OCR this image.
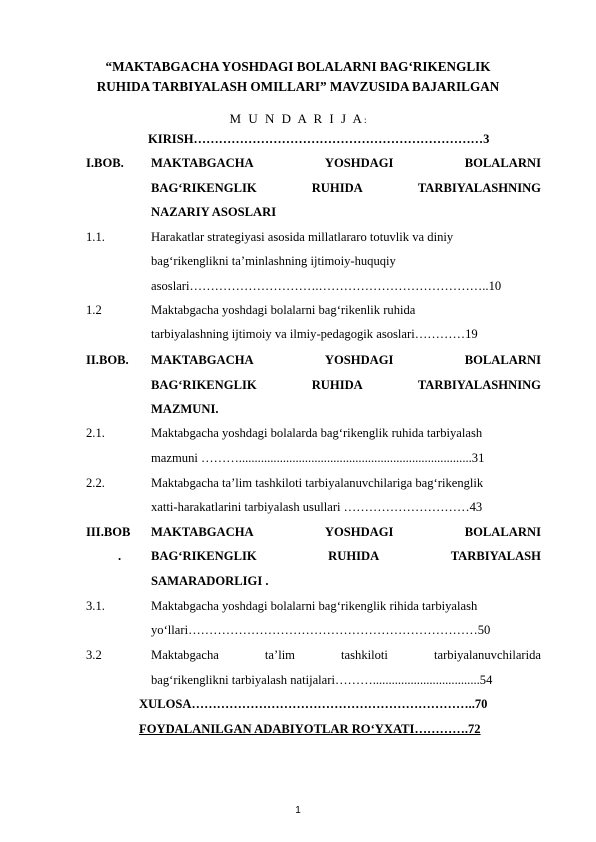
“MAKTABGACHA YOSHDAGI BOLALARNI BAG‘RIKENGLIK
RUHIDA TARBIYALASH OMILLARI” MAVZUSIDA BAJARILGAN
M U N D A R I J A:
KIRISH……………………………………………………………3
I.BOB. MAKTABGACHA	YOSHDAGI	BOLALARNI
BAG‘RIKENGLIK	RUHIDA	TARBIYALASHNING
NAZARIY ASOSLARI
1.1.	Harakatlar strategiyasi asosida millatlararo totuvlik va diniy
bag‘rikenglikni ta’minlashning ijtimoiy-huquqiy
asoslari………………………….…………………………………..10
1.2	Maktabgacha yoshdagi bolalarni bag‘rikenlik ruhida
tarbiyalashning ijtimoiy va ilmiy-pedagogik asoslari…………19
II.BOB. MAKTABGACHA	YOSHDAGI	BOLALARNI
BAG‘RIKENGLIK	RUHIDA	TARBIYALASHNING
MAZMUNI.
2.1.	Maktabgacha yoshdagi bolalarda bag‘rikenglik ruhida tarbiyalash
mazmuni ………..........................................................................31
2.2.	Maktabgacha ta’lim tashkiloti tarbiyalanuvchilariga bag‘rikenglik
xatti-harakatlarini tarbiyalash usullari …………………………43
III.BOB
.
MAKTABGACHA	YOSHDAGI	BOLALARNI
BAG‘RIKENGLIK	RUHIDA	TARBIYALASH
SAMARADORLIGI .
3.1.	Maktabgacha yoshdagi bolalarni bag‘rikenglik rihida tarbiyalash
yo‘llari……………………………………………………………50
3.2	Maktabgacha	ta’lim	tashkiloti	tarbiyalanuvchilarida
bag‘rikenglikni tarbiyalash natijalari………..................................54
XULOSA…………………………………………………………..70
FOYDALANILGAN ADABIYOTLAR RO‘YXATI………….72
1
